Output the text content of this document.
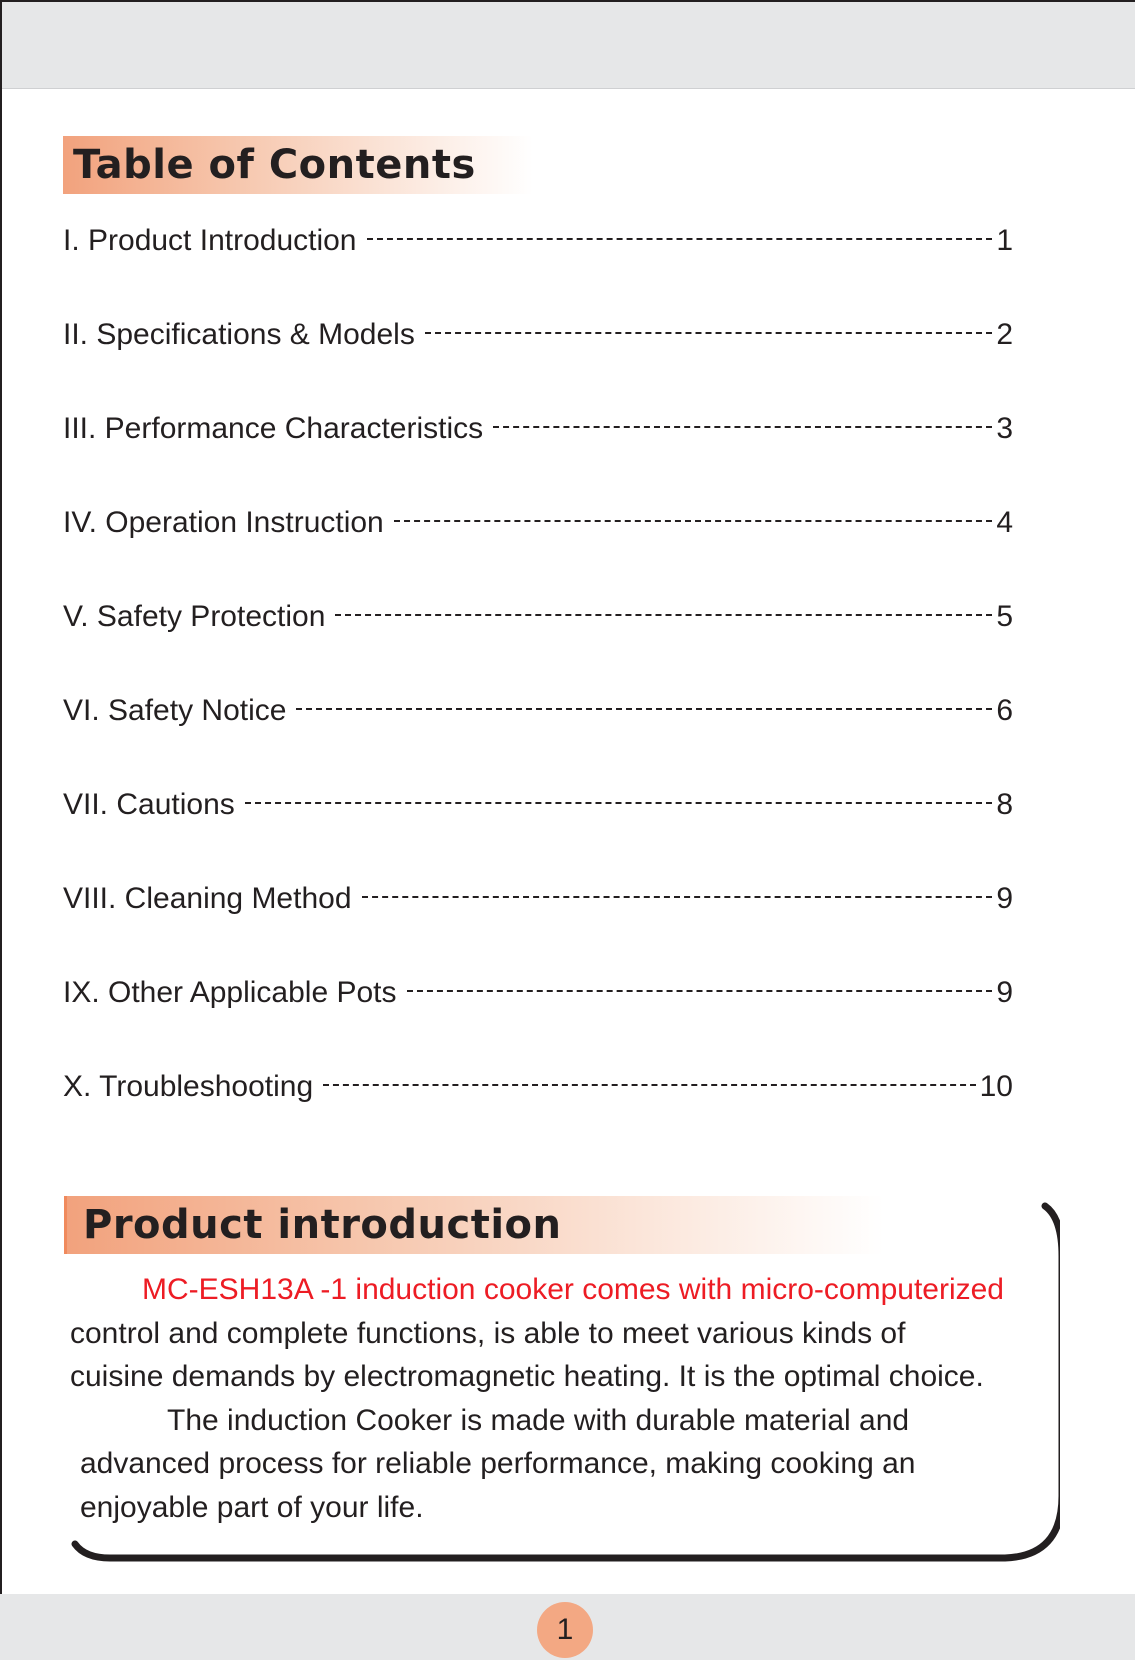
Table of Contents
I. Product Introduction	1
II. Specifications & Models	2
III. Performance Characteristics	3
IV. Operation Instruction	4
V. Safety Protection	5
VI. Safety Notice	6
VII. Cautions	8
VIII. Cleaning Method	9
IX. Other Applicable Pots	9
X. Troubleshooting	10
Product introduction

MC-ESH13A -1 induction cooker comes with micro-computerized

control and complete functions, is able to meet various kinds of

cuisine demands by electromagnetic heating. It is the optimal choice.

The induction Cooker is made with durable material and

advanced process for reliable performance, making cooking an

enjoyable part of your life.

1
